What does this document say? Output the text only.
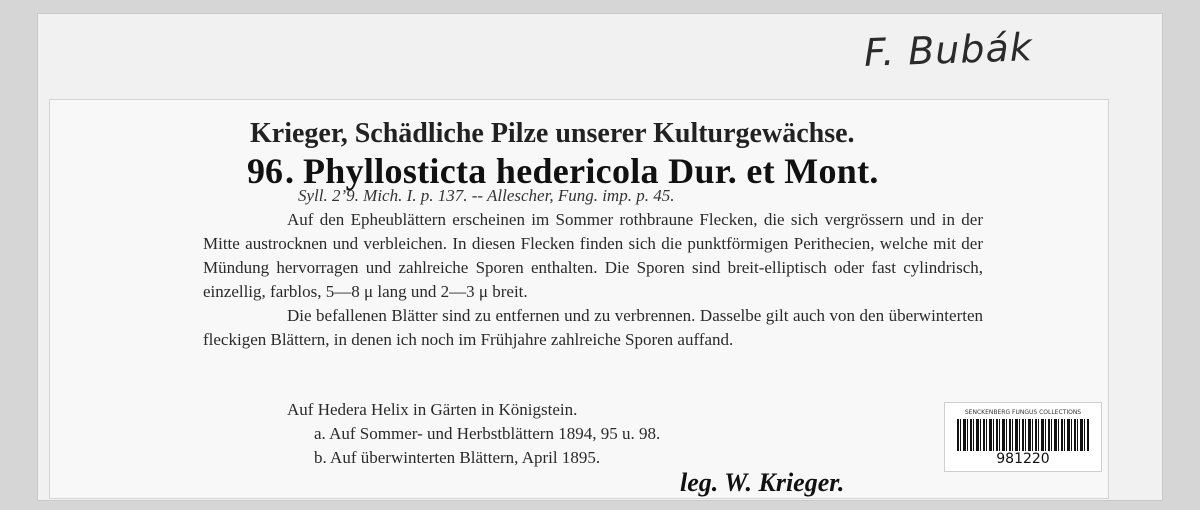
F. Bubák
Krieger, Schädliche Pilze unserer Kulturgewächse.
96. Phyllosticta hedericola Dur. et Mont.
Syll. 2’9. Mich. I. p. 137. -- Allescher, Fung. imp. p. 45.

Auf den Epheublättern erscheinen im Sommer rothbraune Flecken, die sich vergrössern und in der Mitte austrocknen und verbleichen. In diesen Flecken finden sich die punktförmigen Perithecien, welche mit der Mündung hervorragen und zahlreiche Sporen enthalten. Die Sporen sind breit-elliptisch oder fast cylindrisch, einzellig, farblos, 5—8 μ lang und 2—3 μ breit.

Die befallenen Blätter sind zu entfernen und zu verbrennen. Dasselbe gilt auch von den überwinterten fleckigen Blättern, in denen ich noch im Frühjahre zahlreiche Sporen auffand.

Auf Hedera Helix in Gärten in Königstein.
a. Auf Sommer- und Herbstblättern 1894, 95 u. 98.
b. Auf überwinterten Blättern, April 1895.
leg. W. Krieger.
SENCKENBERG FUNGUS COLLECTIONS
981220
